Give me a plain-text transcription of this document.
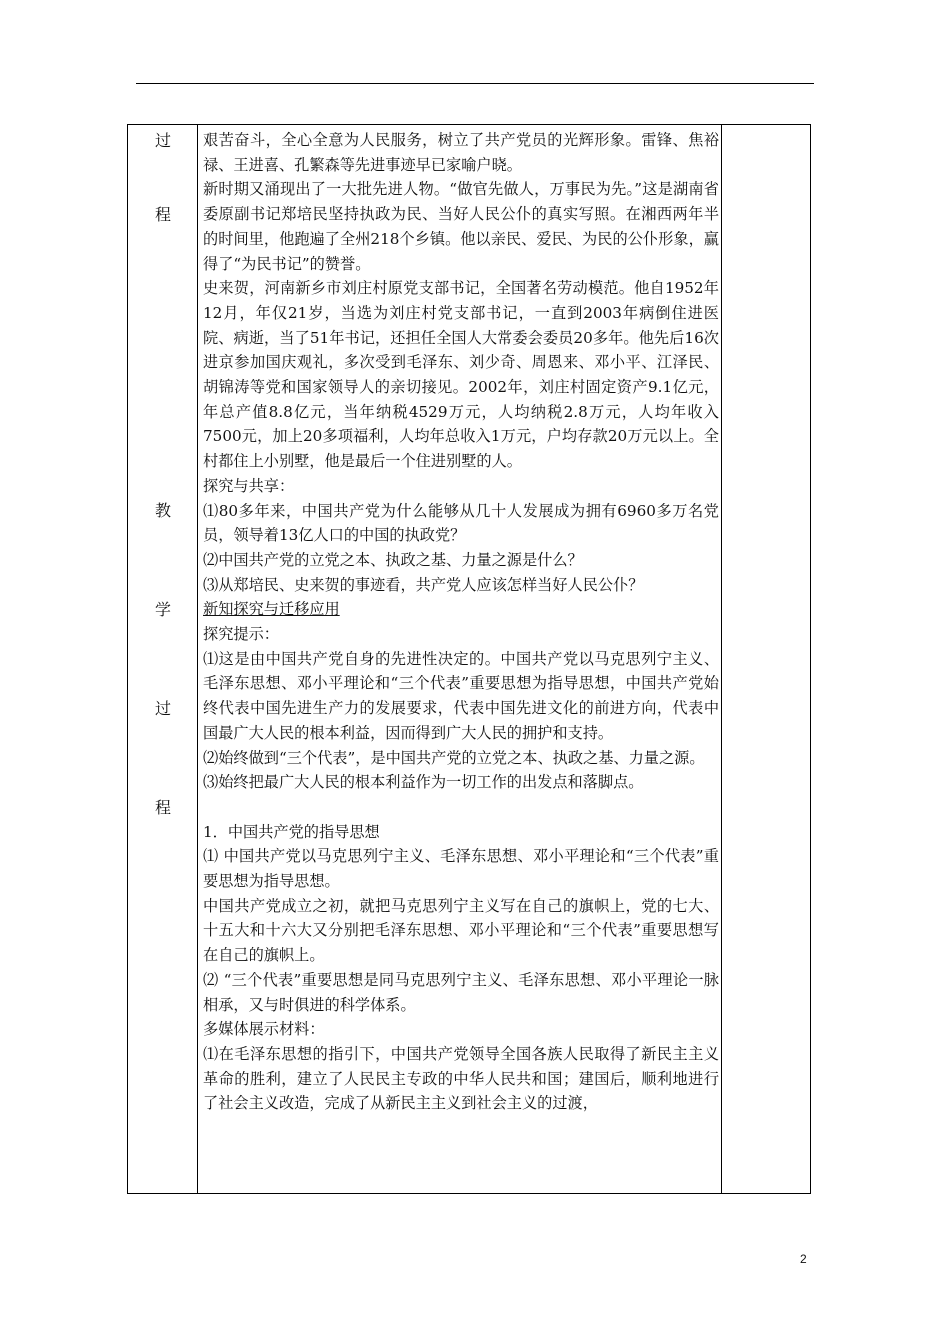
过
程
教
学
过
程

艰苦奋斗，全心全意为人民服务，树立了共产党员的光辉形象。雷锋、焦裕禄、王进喜、孔繁森等先进事迹早已家喻户晓。

新时期又涌现出了一大批先进人物。“做官先做人，万事民为先。”这是湖南省委原副书记郑培民坚持执政为民、当好人民公仆的真实写照。在湘西两年半的时间里，他跑遍了全州218个乡镇。他以亲民、爱民、为民的公仆形象，赢得了“为民书记”的赞誉。

史来贺，河南新乡市刘庄村原党支部书记，全国著名劳动模范。他自1952年12月，年仅21岁，当选为刘庄村党支部书记，一直到2003年病倒住进医院、病逝，当了51年书记，还担任全国人大常委会委员20多年。他先后16次进京参加国庆观礼，多次受到毛泽东、刘少奇、周恩来、邓小平、江泽民、胡锦涛等党和国家领导人的亲切接见。2002年，刘庄村固定资产9.1亿元，年总产值8.8亿元，当年纳税4529万元，人均纳税2.8万元，人均年收入7500元，加上20多项福利，人均年总收入1万元，户均存款20万元以上。全村都住上小别墅，他是最后一个住进别墅的人。

探究与共享：

⑴80多年来，中国共产党为什么能够从几十人发展成为拥有6960多万名党员，领导着13亿人口的中国的执政党？

⑵中国共产党的立党之本、执政之基、力量之源是什么？

⑶从郑培民、史来贺的事迹看，共产党人应该怎样当好人民公仆？

新知探究与迁移应用

探究提示：

⑴这是由中国共产党自身的先进性决定的。中国共产党以马克思列宁主义、毛泽东思想、邓小平理论和“三个代表”重要思想为指导思想，中国共产党始终代表中国先进生产力的发展要求，代表中国先进文化的前进方向，代表中国最广大人民的根本利益，因而得到广大人民的拥护和支持。

⑵始终做到“三个代表”，是中国共产党的立党之本、执政之基、力量之源。

⑶始终把最广大人民的根本利益作为一切工作的出发点和落脚点。

1．中国共产党的指导思想

⑴ 中国共产党以马克思列宁主义、毛泽东思想、邓小平理论和“三个代表”重要思想为指导思想。

中国共产党成立之初，就把马克思列宁主义写在自己的旗帜上，党的七大、十五大和十六大又分别把毛泽东思想、邓小平理论和“三个代表”重要思想写在自己的旗帜上。

⑵ “三个代表”重要思想是同马克思列宁主义、毛泽东思想、邓小平理论一脉相承，又与时俱进的科学体系。

多媒体展示材料：

⑴在毛泽东思想的指引下，中国共产党领导全国各族人民取得了新民主主义革命的胜利，建立了人民民主专政的中华人民共和国；建国后，顺利地进行了社会主义改造，完成了从新民主主义到社会主义的过渡，

2
